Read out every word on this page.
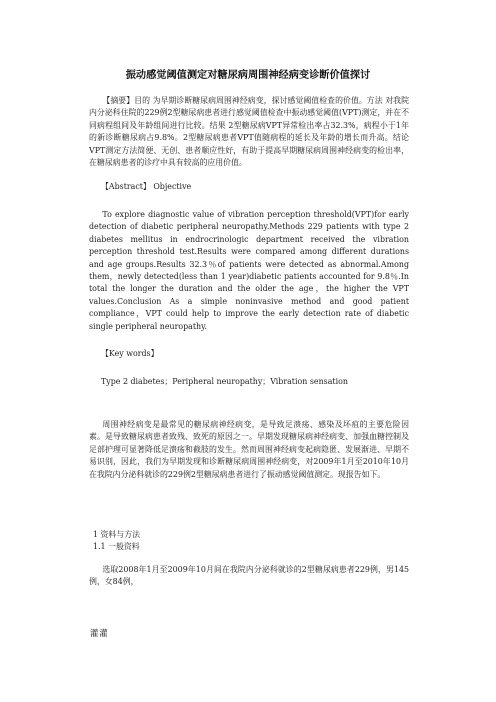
振动感觉阈值测定对糖尿病周围神经病变诊断价值探讨

【摘要】目的 为早期诊断糖尿病周围神经病变，探讨感觉阈值检查的价值。方法 对我院内分泌科住院的229例2型糖尿病患者进行感觉阈值检查中振动感觉阈值(VPT)测定，并在不同病程组间及年龄组间进行比较。结果 2型糖尿病VPT异常检出率占32.3%，病程小于1年的新诊断糖尿病占9.8%。2型糖尿病患者VPT值随病程的延长及年龄的增长而升高。结论 VPT测定方法简便、无创、患者顺应性好，有助于提高早期糖尿病周围神经病变的检出率，在糖尿病患者的诊疗中具有较高的应用价值。

【Abstract】 Objective

To explore diagnostic value of vibration perception threshold(VPT)for early detection of diabetic peripheral neuropathy.Methods 229 patients with type 2 diabetes mellitus in endrocrinologic department received the vibration perception threshold test.Results were compared among different durations and age groups.Results 32.3％of patients were detected as abnormal.Among them，newly detected(less than 1 year)diabetic patients accounted for 9.8％.In total the longer the duration and the older the age，the higher the VPT values.Conclusion As a simple noninvasive method and good patient compliance，VPT could help to improve the early detection rate of diabetic single peripheral neuropathy.

【Key words】

Type 2 diabetes；Peripheral neuropathy；Vibration sensation

周围神经病变是最常见的糖尿病神经病变，是导致足溃疡、感染及坏疽的主要危险因素。是导致糖尿病患者致残、致死的原因之一。早期发现糖尿病神经病变、加强血糖控制及足部护理可显著降低足溃疡和截肢的发生。然而周围神经病变起病隐匿、发展渐进、早期不易识别，因此，我们为早期发现和诊断糖尿病周围神经病变，对2009年1月至2010年10月在我院内分泌科就诊的229例2型糖尿病患者进行了振动感觉阈值测定。现报告如下。

1 资料与方法

1.1 一般资料

选取2008年1月至2009年10月间在我院内分泌科就诊的2型糖尿病患者229例，男145例，女84例，

灌灌
